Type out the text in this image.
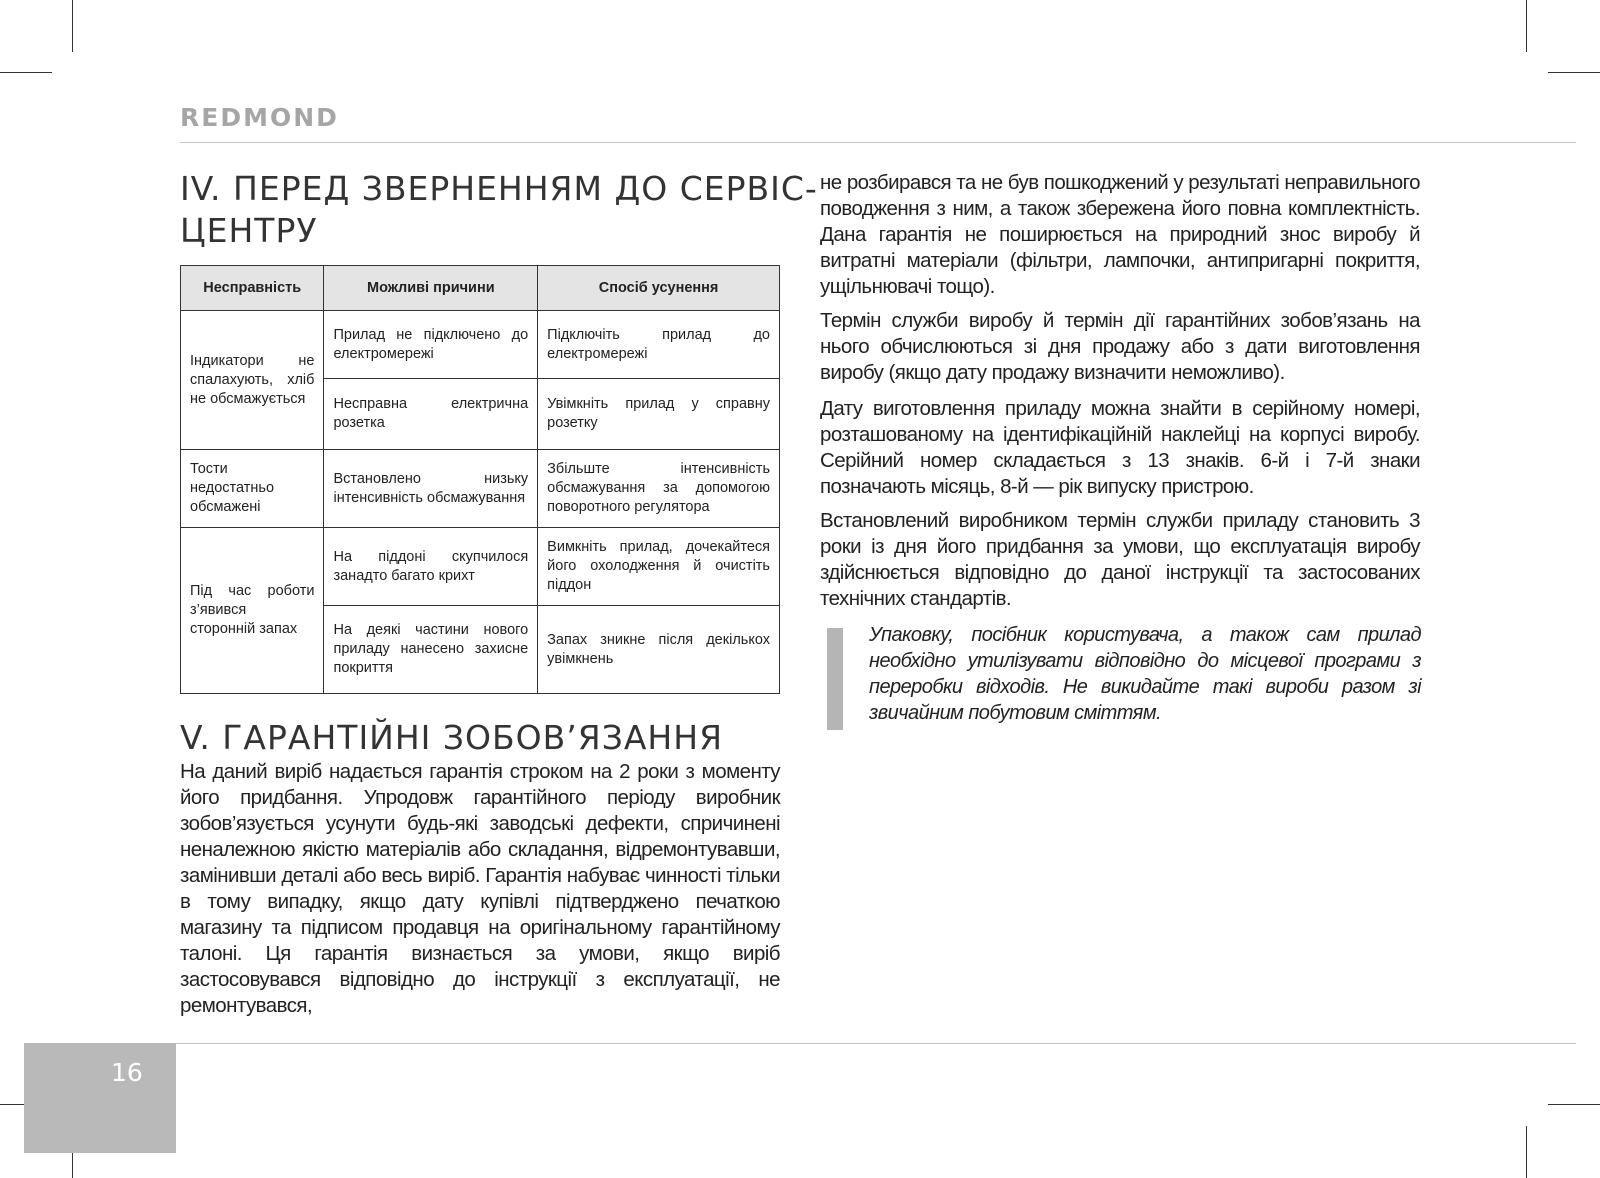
REDMOND
IV. ПЕРЕД ЗВЕРНЕННЯМ ДО СЕРВІС-
ЦЕНТРУ
Несправність	Можливі причини	Спосіб усунення
Індикатори не спалахують, хліб не обсмажується	Прилад не підключено до електромережі	Підключіть прилад до електромережі
	Несправна електрична розетка	Увімкніть прилад у справну розетку
Тости недостатньо обсмажені	Встановлено низьку інтенсивність обсмажування	Збільште інтенсивність обсмажування за допомогою поворотного регулятора
Під час роботи з’явився сторонній запах	На піддоні скупчилося занадто багато крихт	Вимкніть прилад, дочекайтеся його охолодження й очистіть піддон
	На деякі частини нового приладу нанесено захисне покриття	Запах зникне після декількох увімкнень
V. ГАРАНТІЙНІ ЗОБОВ’ЯЗАННЯ

На даний виріб надається гарантія строком на 2 роки з моменту його придбання. Упродовж гарантійного періоду виробник зобов’язується усунути будь-які заводські дефекти, спричинені неналежною якістю матеріалів або складання, відремонтувавши, замінивши деталі або весь виріб. Гарантія набуває чинності тільки в тому випадку, якщо дату купівлі підтверджено печаткою магазину та підписом продавця на оригінальному гарантійному талоні. Ця гарантія визнається за умови, якщо виріб застосовувався відповідно до інструкції з експлуатації, не ремонтувався,

не розбирався та не був пошкоджений у результаті неправильного поводження з ним, а також збережена його повна комплектність. Дана гарантія не поширюється на природний знос виробу й витратні матеріали (фільтри, лампочки, антипригарні покриття, ущільнювачі тощо).

Термін служби виробу й термін дії гарантійних зобов’язань на нього обчислюються зі дня продажу або з дати виготовлення виробу (якщо дату продажу визначити неможливо).

Дату виготовлення приладу можна знайти в серійному номері, розташованому на ідентифікаційній наклейці на корпусі виробу. Серійний номер складається з 13 знаків. 6-й і 7-й знаки позначають місяць, 8-й — рік випуску пристрою.

Встановлений виробником термін служби приладу становить 3 роки із дня його придбання за умови, що експлуатація виробу здійснюється відповідно до даної інструкції та застосованих технічних стандартів.

Упаковку, посібник користувача, а також сам прилад необхідно утилізувати відповідно до місцевої програми з переробки відходів. Не викидайте такі вироби разом зі звичайним побутовим сміттям.

16
